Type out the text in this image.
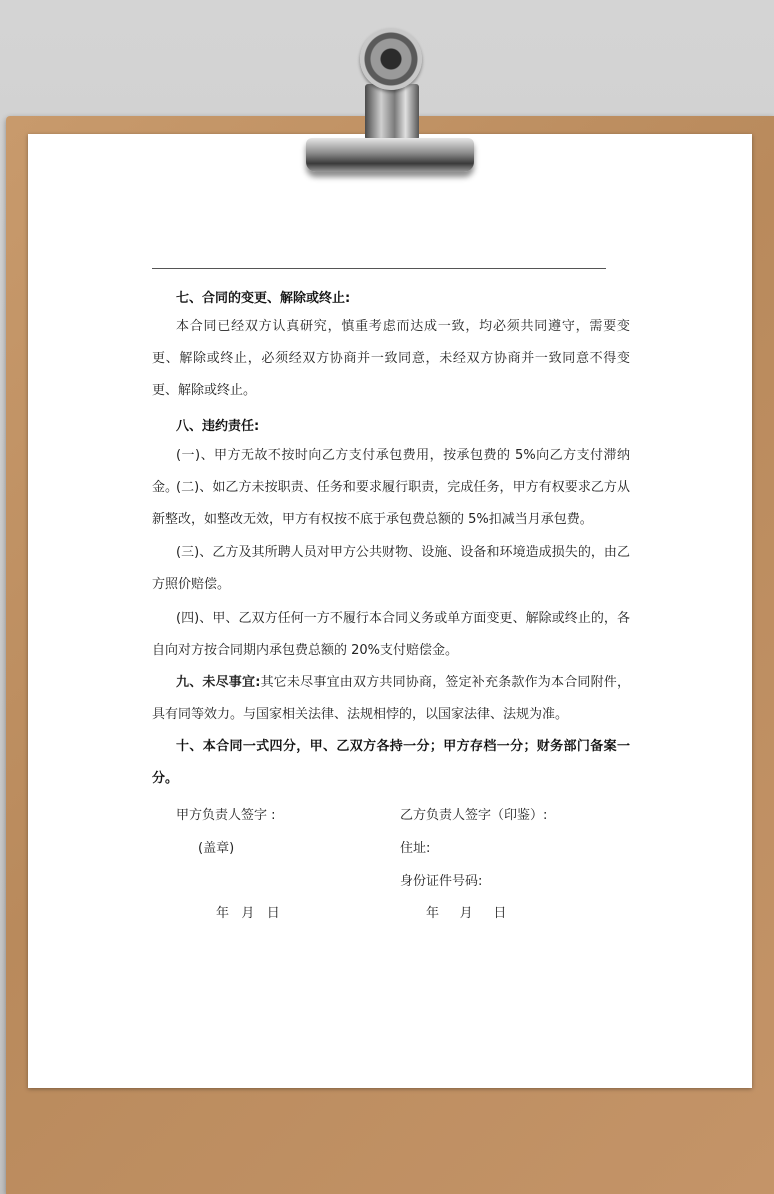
七、合同的变更、解除或终止:

本合同已经双方认真研究，慎重考虑而达成一致，均必须共同遵守，需要变更、解除或终止，必须经双方协商并一致同意，未经双方协商并一致同意不得变更、解除或终止。

八、违约责任:

(一)、甲方无故不按时向乙方支付承包费用，按承包费的 5%向乙方支付滞纳金。

(二)、如乙方未按职责、任务和要求履行职责，完成任务，甲方有权要求乙方从新整改，如整改无效，甲方有权按不底于承包费总额的 5%扣减当月承包费。

(三)、乙方及其所聘人员对甲方公共财物、设施、设备和环境造成损失的，由乙方照价赔偿。

(四)、甲、乙双方任何一方不履行本合同义务或单方面变更、解除或终止的，各自向对方按合同期内承包费总额的 20%支付赔偿金。

九、未尽事宜:其它未尽事宜由双方共同协商，签定补充条款作为本合同附件，具有同等效力。与国家相关法律、法规相悖的，以国家法律、法规为准。

十、本合同一式四分，甲、乙双方各持一分；甲方存档一分；财务部门备案一分。

甲方负责人签字 :
(盖章)
年   月   日
乙方负责人签字（印鉴）:
住址:
身份证件号码:
年     月     日
